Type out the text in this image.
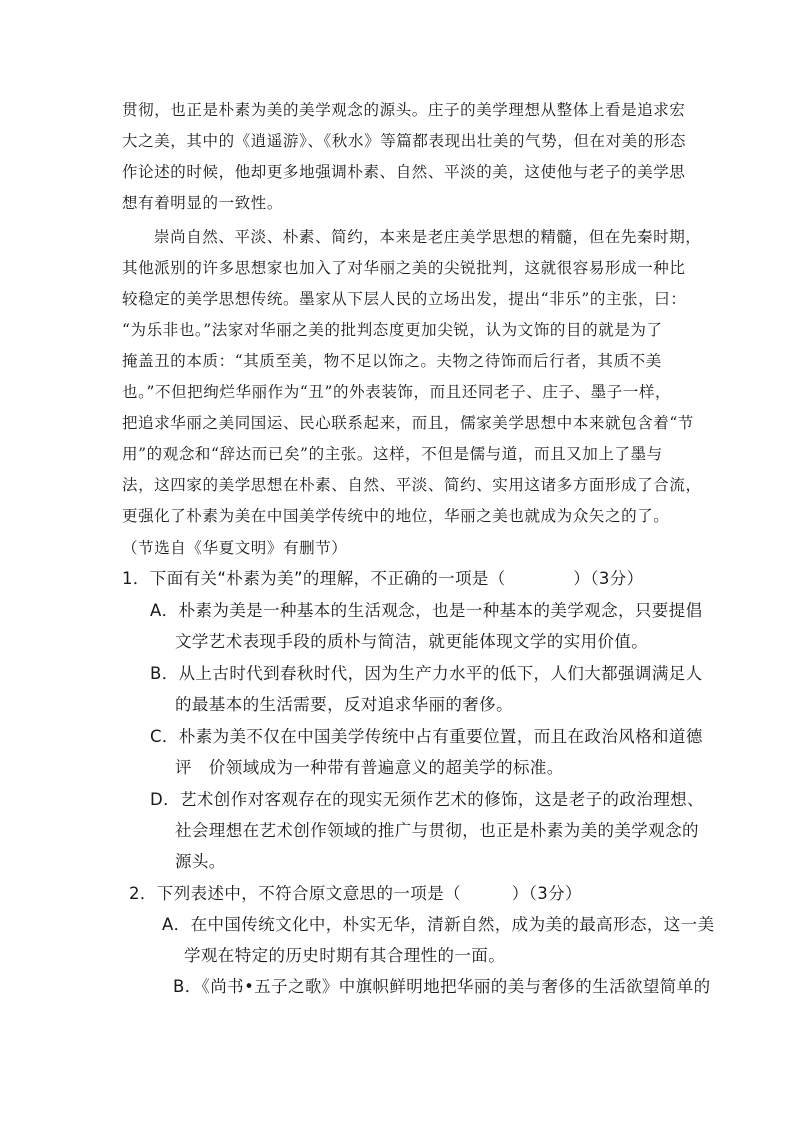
贯彻，也正是朴素为美的美学观念的源头。庄子的美学理想从整体上看是追求宏
大之美，其中的《逍遥游》、《秋水》等篇都表现出壮美的气势，但在对美的形态
作论述的时候，他却更多地强调朴素、自然、平淡的美，这使他与老子的美学思
想有着明显的一致性。
崇尚自然、平淡、朴素、简约，本来是老庄美学思想的精髓，但在先秦时期，
其他派别的许多思想家也加入了对华丽之美的尖锐批判，这就很容易形成一种比
较稳定的美学思想传统。墨家从下层人民的立场出发，提出“非乐”的主张，曰：
“为乐非也。”法家对华丽之美的批判态度更加尖锐，认为文饰的目的就是为了
掩盖丑的本质：“其质至美，物不足以饰之。夫物之待饰而后行者，其质不美
也。”不但把绚烂华丽作为“丑”的外表装饰，而且还同老子、庄子、墨子一样，
把追求华丽之美同国运、民心联系起来，而且，儒家美学思想中本来就包含着“节
用”的观念和“辞达而已矣”的主张。这样，不但是儒与道，而且又加上了墨与
法，这四家的美学思想在朴素、自然、平淡、简约、实用这诸多方面形成了合流，
更强化了朴素为美在中国美学传统中的地位，华丽之美也就成为众矢之的了。
（节选自《华夏文明》有删节）
1．下面有关“朴素为美”的理解，不正确的一项是（　　　　）（3分）
A．朴素为美是一种基本的生活观念，也是一种基本的美学观念，只要提倡
文学艺术表现手段的质朴与简洁，就更能体现文学的实用价值。
B．从上古时代到春秋时代，因为生产力水平的低下，人们大都强调满足人
的最基本的生活需要，反对追求华丽的奢侈。
C．朴素为美不仅在中国美学传统中占有重要位置，而且在政治风格和道德
评　价领域成为一种带有普遍意义的超美学的标准。
D．艺术创作对客观存在的现实无须作艺术的修饰，这是老子的政治理想、
社会理想在艺术创作领域的推广与贯彻，也正是朴素为美的美学观念的
源头。
2．下列表述中，不符合原文意思的一项是（　　　）（3分）
A．在中国传统文化中，朴实无华，清新自然，成为美的最高形态，这一美
学观在特定的历史时期有其合理性的一面。
B．《尚书•五子之歌》中旗帜鲜明地把华丽的美与奢侈的生活欲望简单的
